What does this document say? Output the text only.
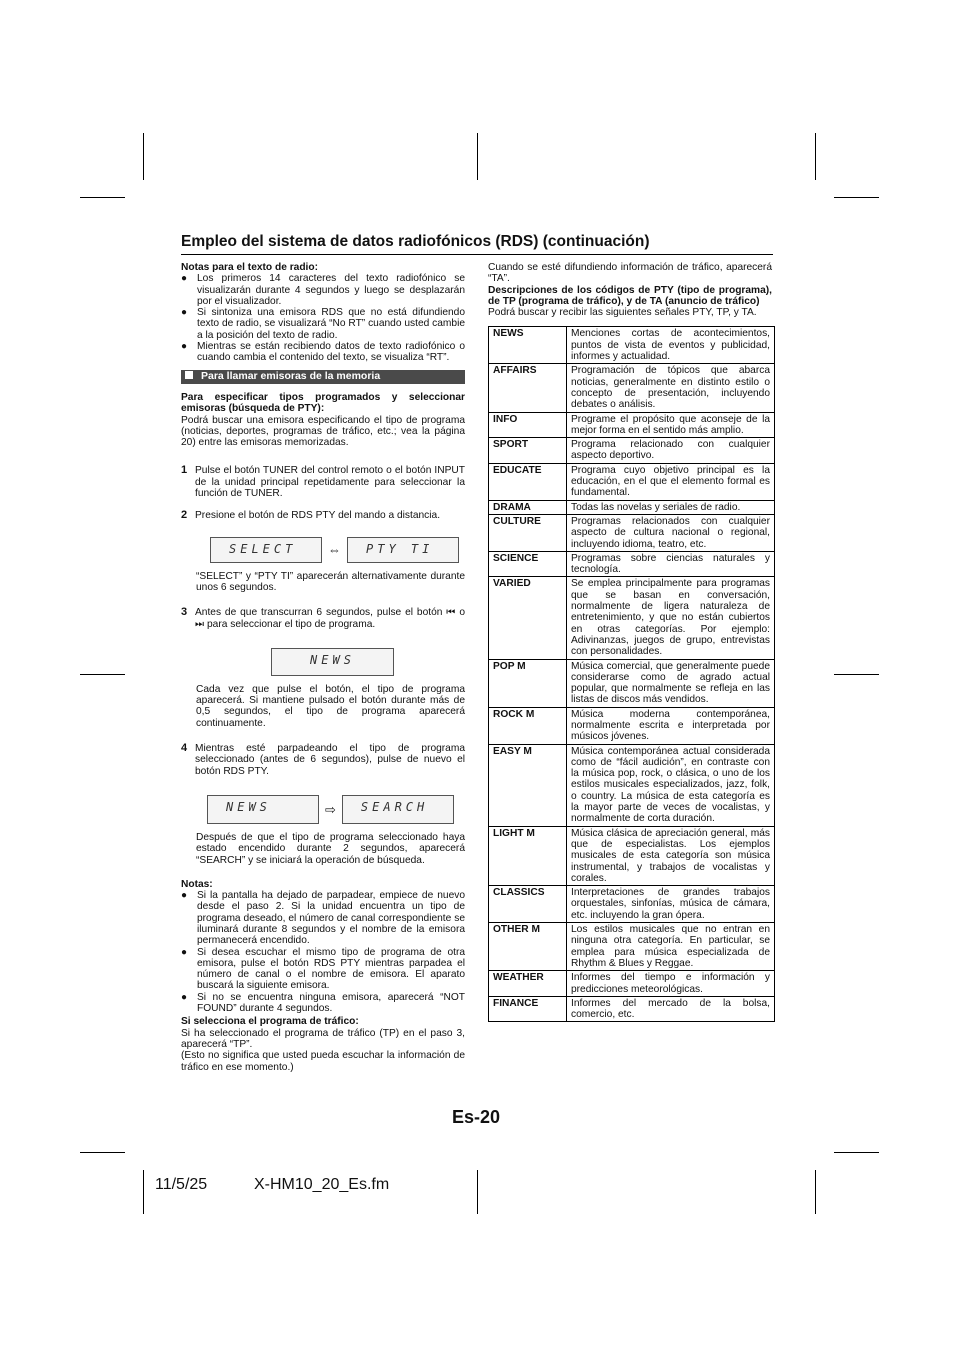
Empleo del sistema de datos radiofónicos (RDS) (continuación)

Notas para el texto de radio:

● Los primeros 14 caracteres del texto radiofónico se visualizarán durante 4 segundos y luego se desplazarán por el visualizador.
● Si sintoniza una emisora RDS que no está difundiendo texto de radio, se visualizará “No RT” cuando usted cambie a la posición del texto de radio.
● Mientras se están recibiendo datos de texto radiofónico o cuando cambia el contenido del texto, se visualiza “RT”.
Para llamar emisoras de la memoria

Para especificar tipos programados y seleccionar emisoras (búsqueda de PTY):

Podrá buscar una emisora especificando el tipo de programa (noticias, deportes, programas de tráfico, etc.; vea la página 20) entre las emisoras memorizadas.

1 Pulse el botón TUNER del control remoto o el botón INPUT de la unidad principal repetidamente para seleccionar la función de TUNER.
2 Presione el botón de RDS PTY del mando a distancia.
SELECT	⇔	PTY TI

“SELECT” y “PTY TI” aparecerán alternativamente durante unos 6 segundos.

3 Antes de que transcurran 6 segundos, pulse el botón ⏮ o ⏭ para seleccionar el tipo de programa.
NEWS

Cada vez que pulse el botón, el tipo de programa aparecerá. Si mantiene pulsado el botón durante más de 0,5 segundos, el tipo de programa aparecerá continuamente.

4 Mientras esté parpadeando el tipo de programa seleccionado (antes de 6 segundos), pulse de nuevo el botón RDS PTY.
NEWS	⇨	SEARCH

Después de que el tipo de programa seleccionado haya estado encendido durante 2 segundos, aparecerá “SEARCH” y se iniciará la operación de búsqueda.

Notas:

● Si la pantalla ha dejado de parpadear, empiece de nuevo desde el paso 2. Si la unidad encuentra un tipo de programa deseado, el número de canal correspondiente se iluminará durante 8 segundos y el nombre de la emisora permanecerá encendido.
● Si desea escuchar el mismo tipo de programa de otra emisora, pulse el botón RDS PTY mientras parpadea el número de canal o el nombre de emisora. El aparato buscará la siguiente emisora.
● Si no se encuentra ninguna emisora, aparecerá “NOT FOUND” durante 4 segundos.

Si selecciona el programa de tráfico:

Si ha seleccionado el programa de tráfico (TP) en el paso 3, aparecerá “TP”.

(Esto no significa que usted pueda escuchar la información de tráfico en ese momento.)

Cuando se esté difundiendo información de tráfico, aparecerá “TA”.

Descripciones de los códigos de PTY (tipo de programa), de TP (programa de tráfico), y de TA (anuncio de tráfico)

Podrá buscar y recibir las siguientes señales PTY, TP, y TA.

NEWS	Menciones cortas de acontecimientos, puntos de vista de eventos y publicidad, informes y actualidad.
AFFAIRS	Programación de tópicos que abarca noticias, generalmente en distinto estilo o concepto de presentación, incluyendo debates o análisis.
INFO	Programe el propósito que aconseje de la mejor forma en el sentido más amplio.
SPORT	Programa relacionado con cualquier aspecto deportivo.
EDUCATE	Programa cuyo objetivo principal es la educación, en el que el elemento formal es fundamental.
DRAMA	Todas las novelas y seriales de radio.
CULTURE	Programas relacionados con cualquier aspecto de cultura nacional o regional, incluyendo idioma, teatro, etc.
SCIENCE	Programas sobre ciencias naturales y tecnología.
VARIED	Se emplea principalmente para programas que se basan en conversación, normalmente de ligera naturaleza de entretenimiento, y que no están cubiertos en otras categorías. Por ejemplo: Adivinanzas, juegos de grupo, entrevistas con personalidades.
POP M	Música comercial, que generalmente puede considerarse como de agrado actual popular, que normalmente se refleja en las listas de discos más vendidos.
ROCK M	Música moderna contemporánea, normalmente escrita e interpretada por músicos jóvenes.
EASY M	Música contemporánea actual considerada como de “fácil audición”, en contraste con la música pop, rock, o clásica, o uno de los estilos musicales especializados, jazz, folk, o country. La música de esta categoría es la mayor parte de veces de vocalistas, y normalmente de corta duración.
LIGHT M	Música clásica de apreciación general, más que de especialistas. Los ejemplos musicales de esta categoría son música instrumental, y trabajos de vocalistas y corales.
CLASSICS	Interpretaciones de grandes trabajos orquestales, sinfonías, música de cámara, etc. incluyendo la gran ópera.
OTHER M	Los estilos musicales que no entran en ninguna otra categoría. En particular, se emplea para música especializada de Rhythm & Blues y Reggae.
WEATHER	Informes del tiempo e información y predicciones meteorológicas.
FINANCE	Informes del mercado de la bolsa, comercio, etc.

Es-20

11/5/25	X-HM10_20_Es.fm
